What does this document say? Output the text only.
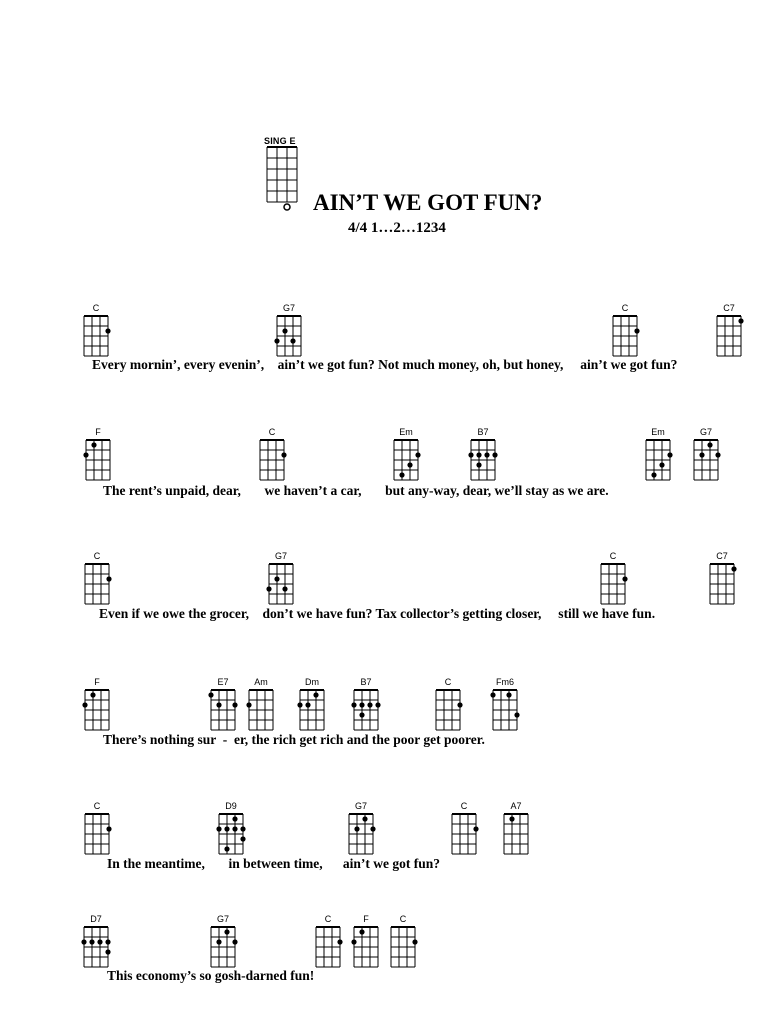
SING E
AIN’T WE GOT FUN?
4/4 1…2…1234
Every mornin’, every evenin’,    ain’t we got fun? Not much money, oh, but honey,     ain’t we got fun?
The rent’s unpaid, dear,       we haven’t a car,       but any-way, dear, we’ll stay as we are.
Even if we owe the grocer,    don’t we have fun? Tax collector’s getting closer,     still we have fun.
There’s nothing sur  -  er, the rich get rich and the poor get poorer.
In the meantime,       in between time,      ain’t we got fun?
This economy’s so gosh-darned fun!
C	G7	C	C7
F	C	Em	B7	Em	G7
C	G7	C	C7
F	E7	Am	Dm	B7	C	Fm6
C	D9	G7	C	A7
D7	G7	C	F	C
